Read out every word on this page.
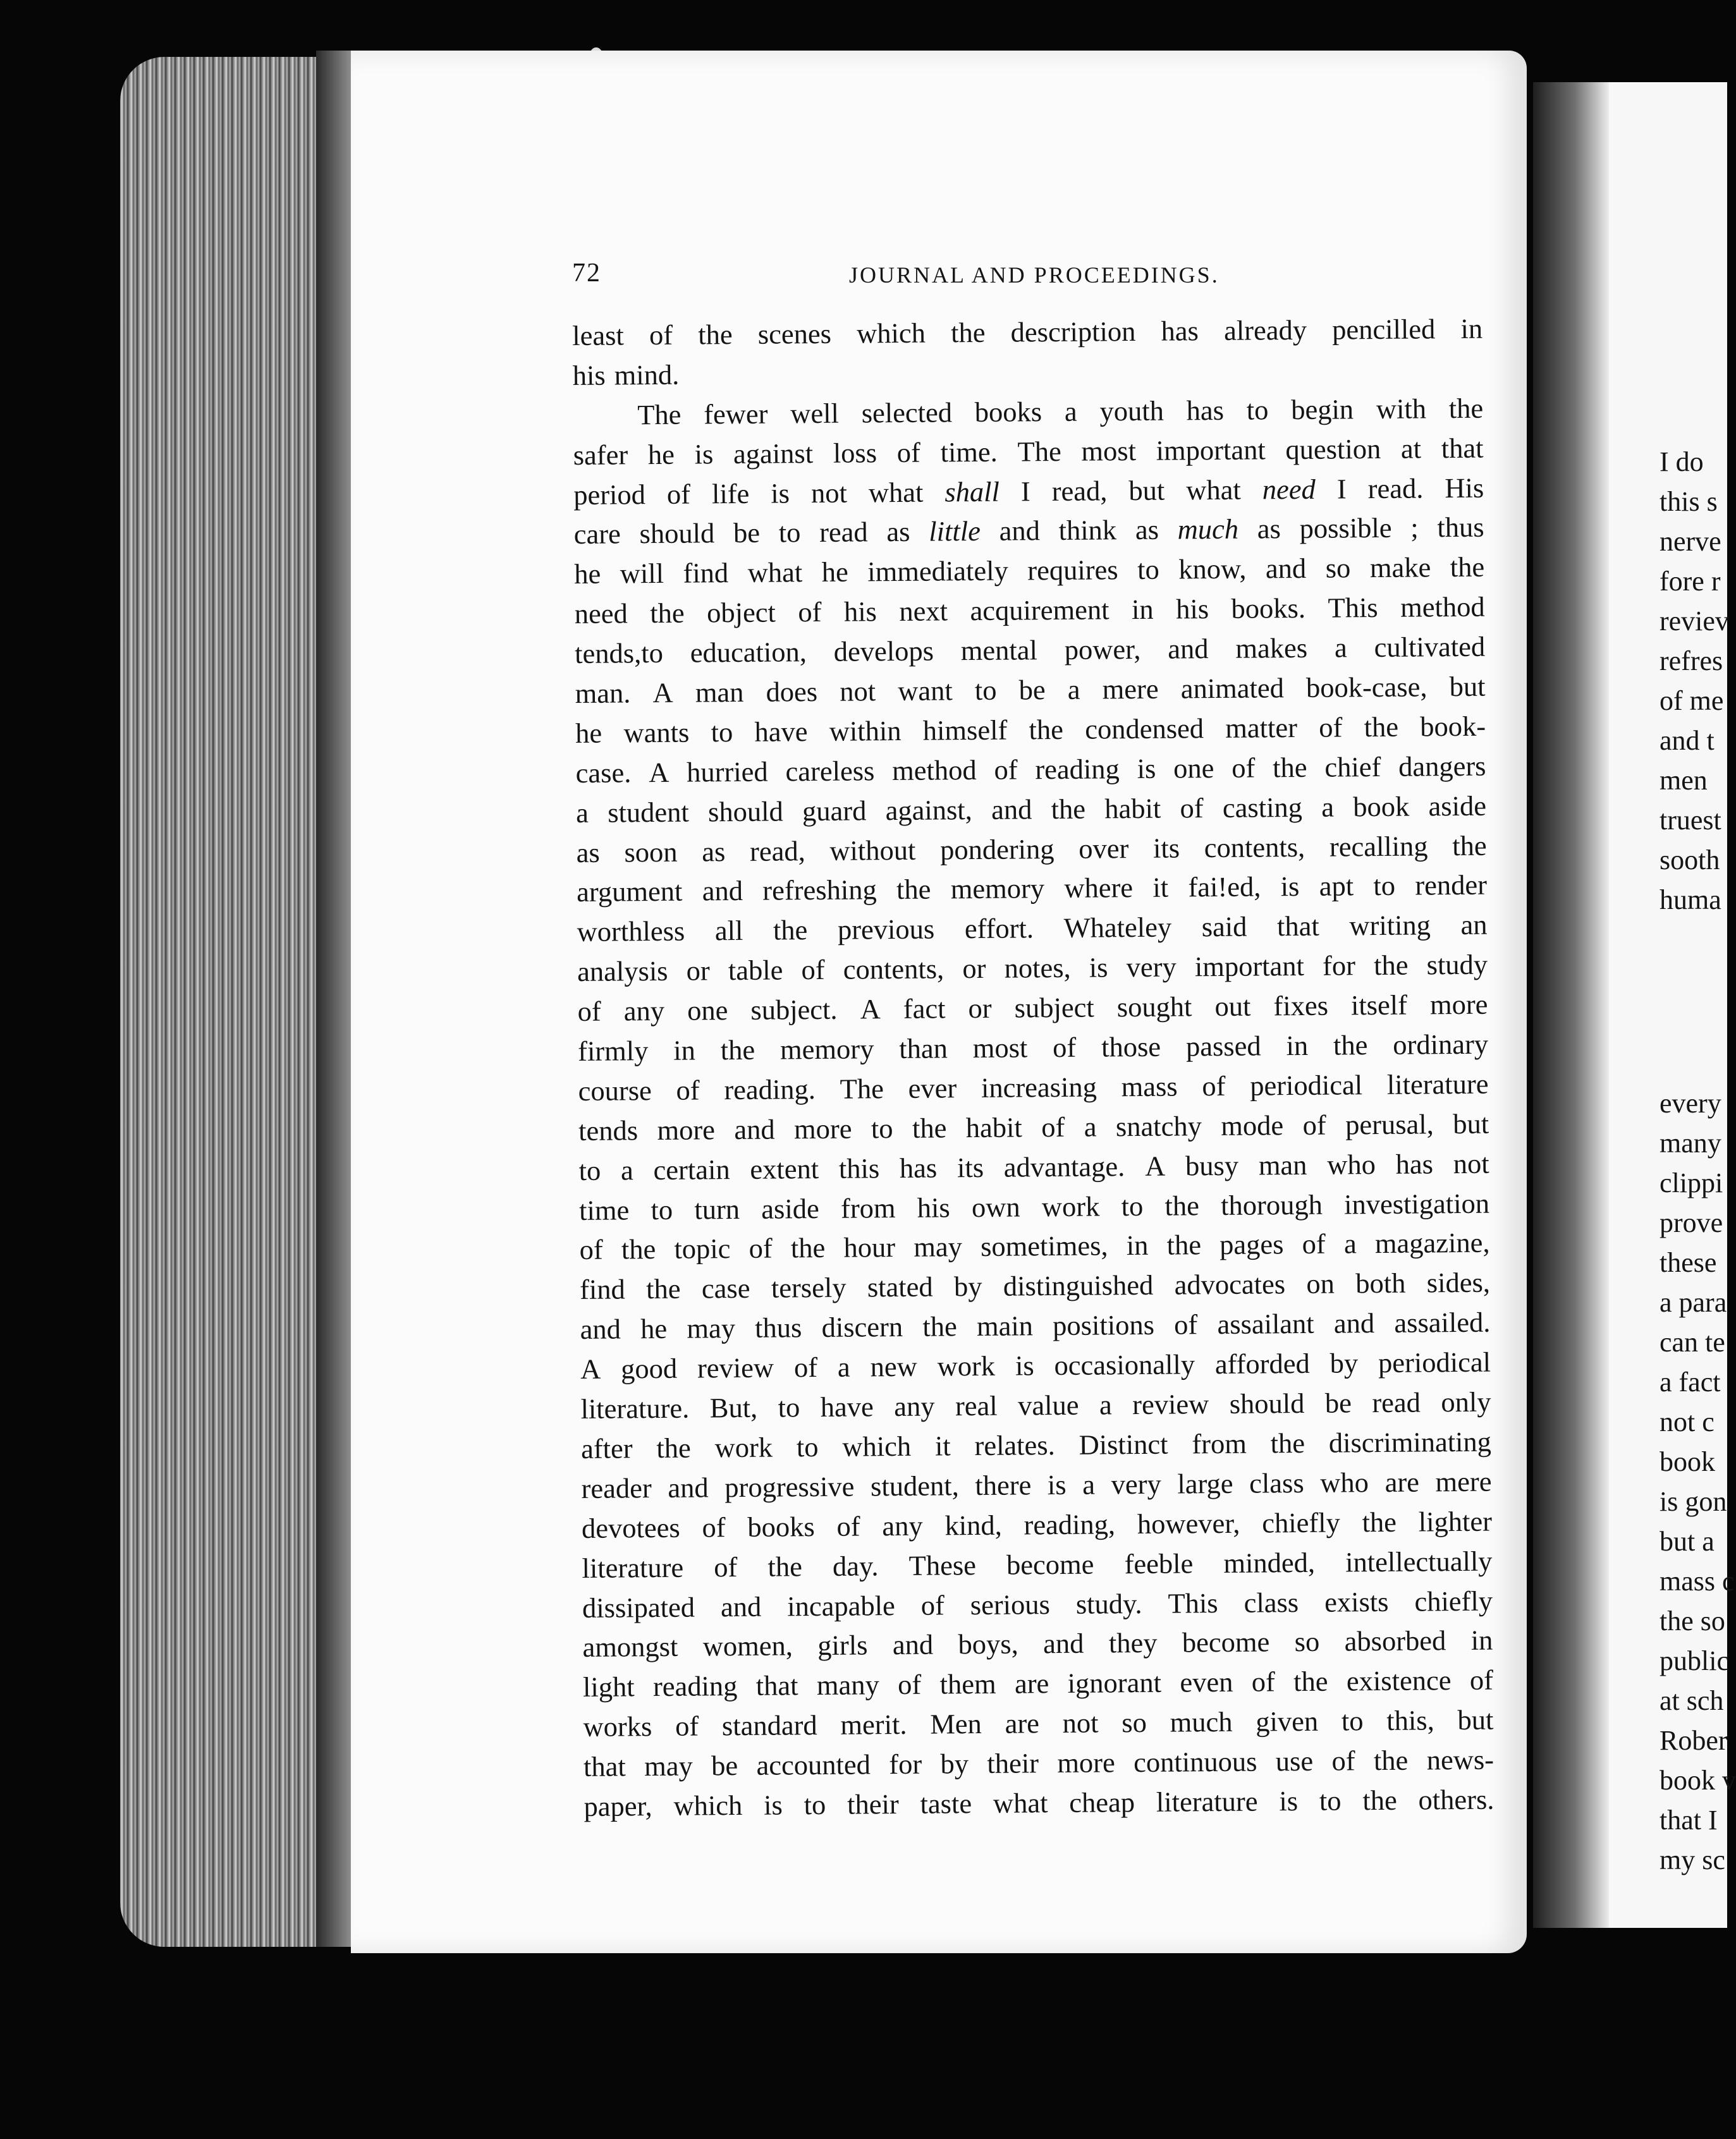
I do
this s
nerve
fore r
reviev
refres
of me
and t
men
truest
sooth
huma
every
many
clippi
prove
these
a para
can te
a fact
not c
book
is gon
but a
mass c
the so
public
at sch
Rober
book v
that I
my sc
72	JOURNAL AND PROCEEDINGS.
least of the scenes which the description has already pencilled in
his mind.
The fewer well selected books a youth has to begin with the
safer he is against loss of time. The most important question at that
period of life is not what shall I read, but what need I read. His
care should be to read as little and think as much as possible ; thus
he will find what he immediately requires to know, and so make the
need the object of his next acquirement in his books. This method
tends,to education, develops mental power, and makes a cultivated
man. A man does not want to be a mere animated book-case, but
he wants to have within himself the condensed matter of the book-
case. A hurried careless method of reading is one of the chief dangers
a student should guard against, and the habit of casting a book aside
as soon as read, without pondering over its contents, recalling the
argument and refreshing the memory where it fai!ed, is apt to render
worthless all the previous effort. Whateley said that writing an
analysis or table of contents, or notes, is very important for the study
of any one subject. A fact or subject sought out fixes itself more
firmly in the memory than most of those passed in the ordinary
course of reading. The ever increasing mass of periodical literature
tends more and more to the habit of a snatchy mode of perusal, but
to a certain extent this has its advantage. A busy man who has not
time to turn aside from his own work to the thorough investigation
of the topic of the hour may sometimes, in the pages of a magazine,
find the case tersely stated by distinguished advocates on both sides,
and he may thus discern the main positions of assailant and assailed.
A good review of a new work is occasionally afforded by periodical
literature. But, to have any real value a review should be read only
after the work to which it relates. Distinct from the discriminating
reader and progressive student, there is a very large class who are mere
devotees of books of any kind, reading, however, chiefly the lighter
literature of the day. These become feeble minded, intellectually
dissipated and incapable of serious study. This class exists chiefly
amongst women, girls and boys, and they become so absorbed in
light reading that many of them are ignorant even of the existence of
works of standard merit. Men are not so much given to this, but
that may be accounted for by their more continuous use of the news-
paper, which is to their taste what cheap literature is to the others.
